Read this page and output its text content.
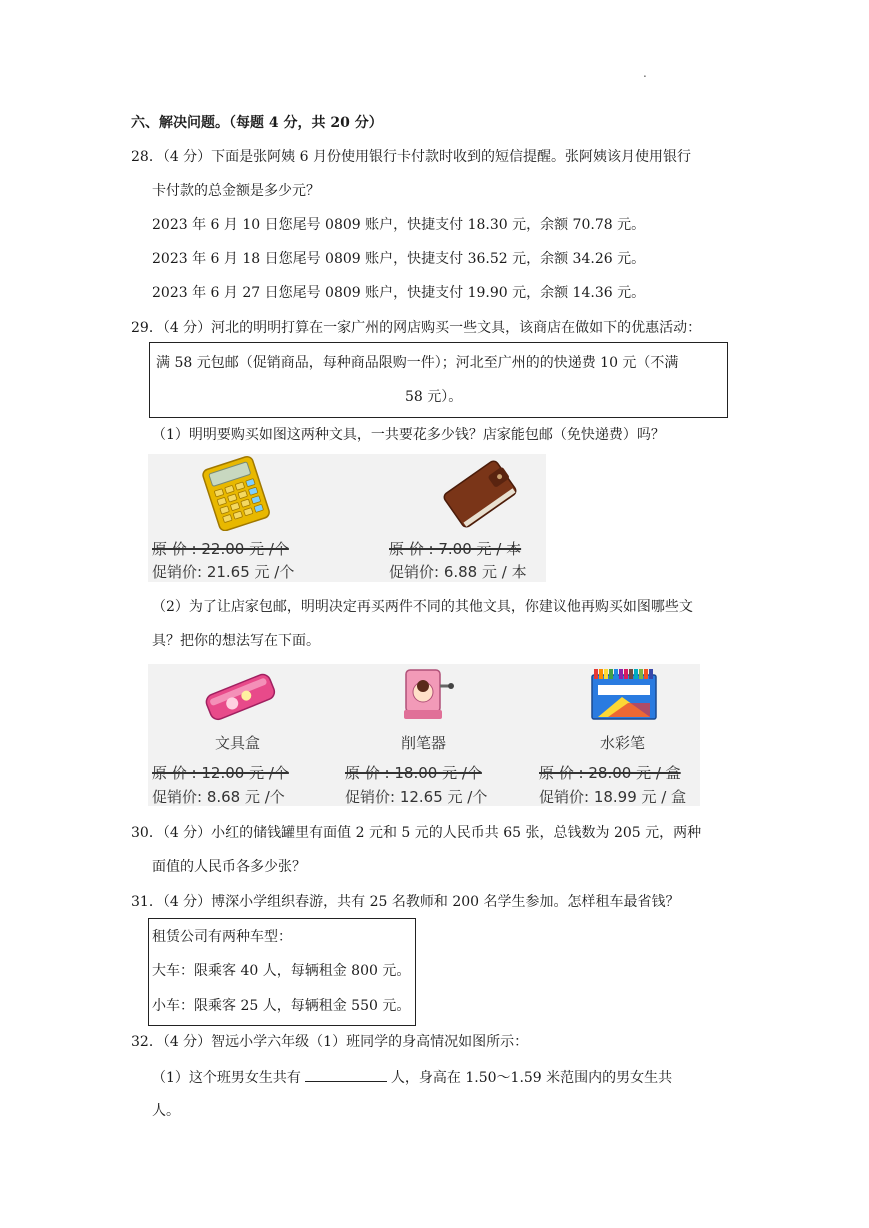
.
六、解决问题。（每题 4 分，共 20 分）
28．（4 分）下面是张阿姨 6 月份使用银行卡付款时收到的短信提醒。张阿姨该月使用银行
卡付款的总金额是多少元？
2023 年 6 月 10 日您尾号 0809 账户，快捷支付 18.30 元，余额 70.78 元。
2023 年 6 月 18 日您尾号 0809 账户，快捷支付 36.52 元，余额 34.26 元。
2023 年 6 月 27 日您尾号 0809 账户，快捷支付 19.90 元，余额 14.36 元。
29．（4 分）河北的明明打算在一家广州的网店购买一些文具，该商店在做如下的优惠活动：
满 58 元包邮（促销商品，每种商品限购一件）；河北至广州的的快递费 10 元（不满
58 元）。
（1）明明要购买如图这两种文具，一共要花多少钱？店家能包邮（免快递费）吗？
原 价 : 22.00 元 /个
促销价: 21.65 元 /个
原 价 : 7.00 元 / 本
促销价: 6.88 元 / 本
（2）为了让店家包邮，明明决定再买两件不同的其他文具，你建议他再购买如图哪些文
具？把你的想法写在下面。
文具盒	削笔器	水彩笔
原 价 : 12.00 元 /个
促销价: 8.68 元 /个
原 价 : 18.00 元 /个
促销价: 12.65 元 /个
原 价 : 28.00 元 / 盒
促销价: 18.99 元 / 盒
30．（4 分）小红的储钱罐里有面值 2 元和 5 元的人民币共 65 张，总钱数为 205 元，两种
面值的人民币各多少张？
31．（4 分）博深小学组织春游，共有 25 名教师和 200 名学生参加。怎样租车最省钱？
租赁公司有两种车型：
大车：限乘客 40 人，每辆租金 800 元。
小车：限乘客 25 人，每辆租金 550 元。
32．（4 分）智远小学六年级（1）班同学的身高情况如图所示：
（1）这个班男女生共有	人，身高在 1.50～1.59 米范围内的男女生共
人。
